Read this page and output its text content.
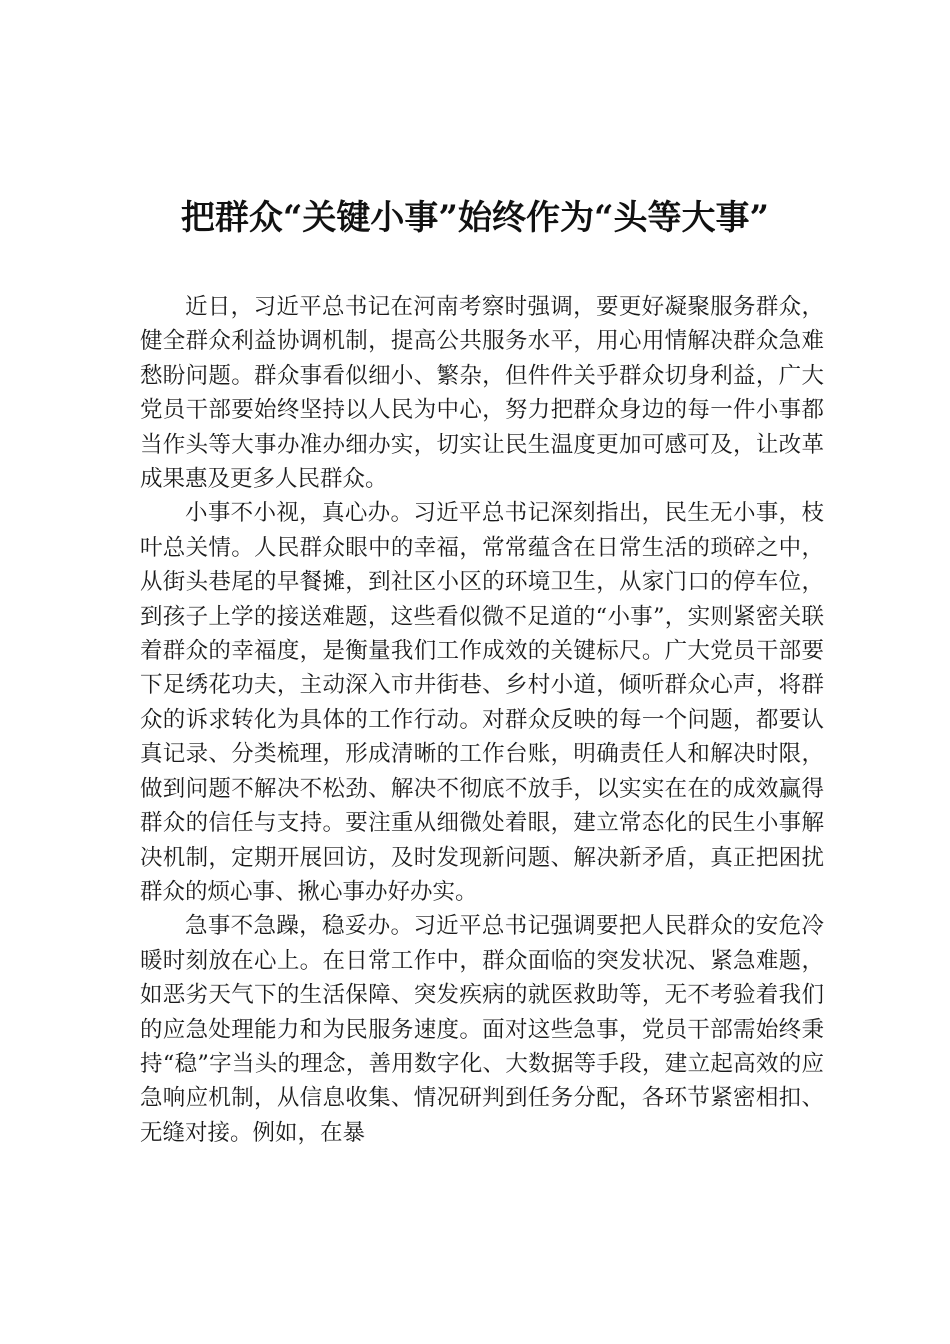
把群众“关键小事”始终作为“头等大事”

近日，习近平总书记在河南考察时强调，要更好凝聚服务群众，健全群众利益协调机制，提高公共服务水平，用心用情解决群众急难愁盼问题。群众事看似细小、繁杂，但件件关乎群众切身利益，广大党员干部要始终坚持以人民为中心，努力把群众身边的每一件小事都当作头等大事办准办细办实，切实让民生温度更加可感可及，让改革成果惠及更多人民群众。

小事不小视，真心办。习近平总书记深刻指出，民生无小事，枝叶总关情。人民群众眼中的幸福，常常蕴含在日常生活的琐碎之中，从街头巷尾的早餐摊，到社区小区的环境卫生，从家门口的停车位，到孩子上学的接送难题，这些看似微不足道的“小事”，实则紧密关联着群众的幸福度，是衡量我们工作成效的关键标尺。广大党员干部要下足绣花功夫，主动深入市井街巷、乡村小道，倾听群众心声，将群众的诉求转化为具体的工作行动。对群众反映的每一个问题，都要认真记录、分类梳理，形成清晰的工作台账，明确责任人和解决时限，做到问题不解决不松劲、解决不彻底不放手，以实实在在的成效赢得群众的信任与支持。要注重从细微处着眼，建立常态化的民生小事解决机制，定期开展回访，及时发现新问题、解决新矛盾，真正把困扰群众的烦心事、揪心事办好办实。

急事不急躁，稳妥办。习近平总书记强调要把人民群众的安危冷暖时刻放在心上。在日常工作中，群众面临的突发状况、紧急难题，如恶劣天气下的生活保障、突发疾病的就医救助等，无不考验着我们的应急处理能力和为民服务速度。面对这些急事，党员干部需始终秉持“稳”字当头的理念，善用数字化、大数据等手段，建立起高效的应急响应机制，从信息收集、情况研判到任务分配，各环节紧密相扣、无缝对接。例如，在暴
